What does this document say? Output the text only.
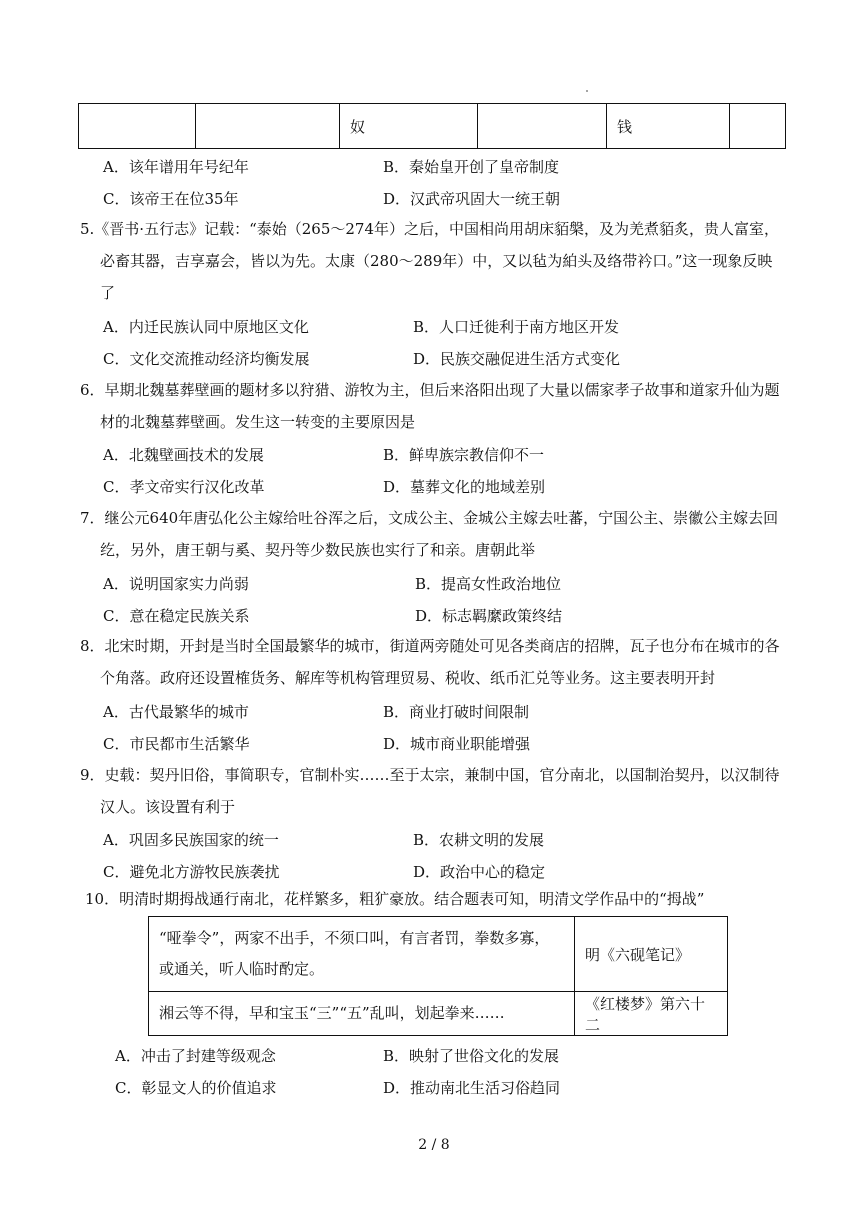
		奴		钱	
A．该年谱用年号纪年	B．秦始皇开创了皇帝制度
C．该帝王在位35年	D．汉武帝巩固大一统王朝
5.《晋书·五行志》记载：“泰始（265～274年）之后，中国相尚用胡床貊槃，及为羌煮貊炙，贵人富室，
必畜其器，吉享嘉会，皆以为先。太康（280～289年）中，又以毡为絈头及络带衿口。”这一现象反映
了
A．内迁民族认同中原地区文化	B．人口迁徙利于南方地区开发
C．文化交流推动经济均衡发展	D．民族交融促进生活方式变化
6．早期北魏墓葬壁画的题材多以狩猎、游牧为主，但后来洛阳出现了大量以儒家孝子故事和道家升仙为题
材的北魏墓葬壁画。发生这一转变的主要原因是
A．北魏壁画技术的发展	B．鲜卑族宗教信仰不一
C．孝文帝实行汉化改革	D．墓葬文化的地域差别
7．继公元640年唐弘化公主嫁给吐谷浑之后，文成公主、金城公主嫁去吐蕃，宁国公主、崇徽公主嫁去回
纥，另外，唐王朝与奚、契丹等少数民族也实行了和亲。唐朝此举
A．说明国家实力尚弱	B．提高女性政治地位
C．意在稳定民族关系	D．标志羁縻政策终结
8．北宋时期，开封是当时全国最繁华的城市，街道两旁随处可见各类商店的招牌，瓦子也分布在城市的各
个角落。政府还设置榷货务、解库等机构管理贸易、税收、纸币汇兑等业务。这主要表明开封
A．古代最繁华的城市	B．商业打破时间限制
C．市民都市生活繁华	D．城市商业职能增强
9．史载：契丹旧俗，事简职专，官制朴实……至于太宗，兼制中国，官分南北，以国制治契丹，以汉制待
汉人。该设置有利于
A．巩固多民族国家的统一	B．农耕文明的发展
C．避免北方游牧民族袭扰	D．政治中心的稳定
10．明清时期拇战通行南北，花样繁多，粗犷豪放。结合题表可知，明清文学作品中的“拇战”
“哑拳令”，两家不出手，不须口叫，有言者罚，拳数多寡，
或通关，听人临时酌定。	明《六砚笔记》

湘云等不得，早和宝玉“三”“五”乱叫，划起拳来……	《红楼梦》第六十二
A．冲击了封建等级观念	B．映射了世俗文化的发展
C．彰显文人的价值追求	D．推动南北生活习俗趋同
2 / 8
